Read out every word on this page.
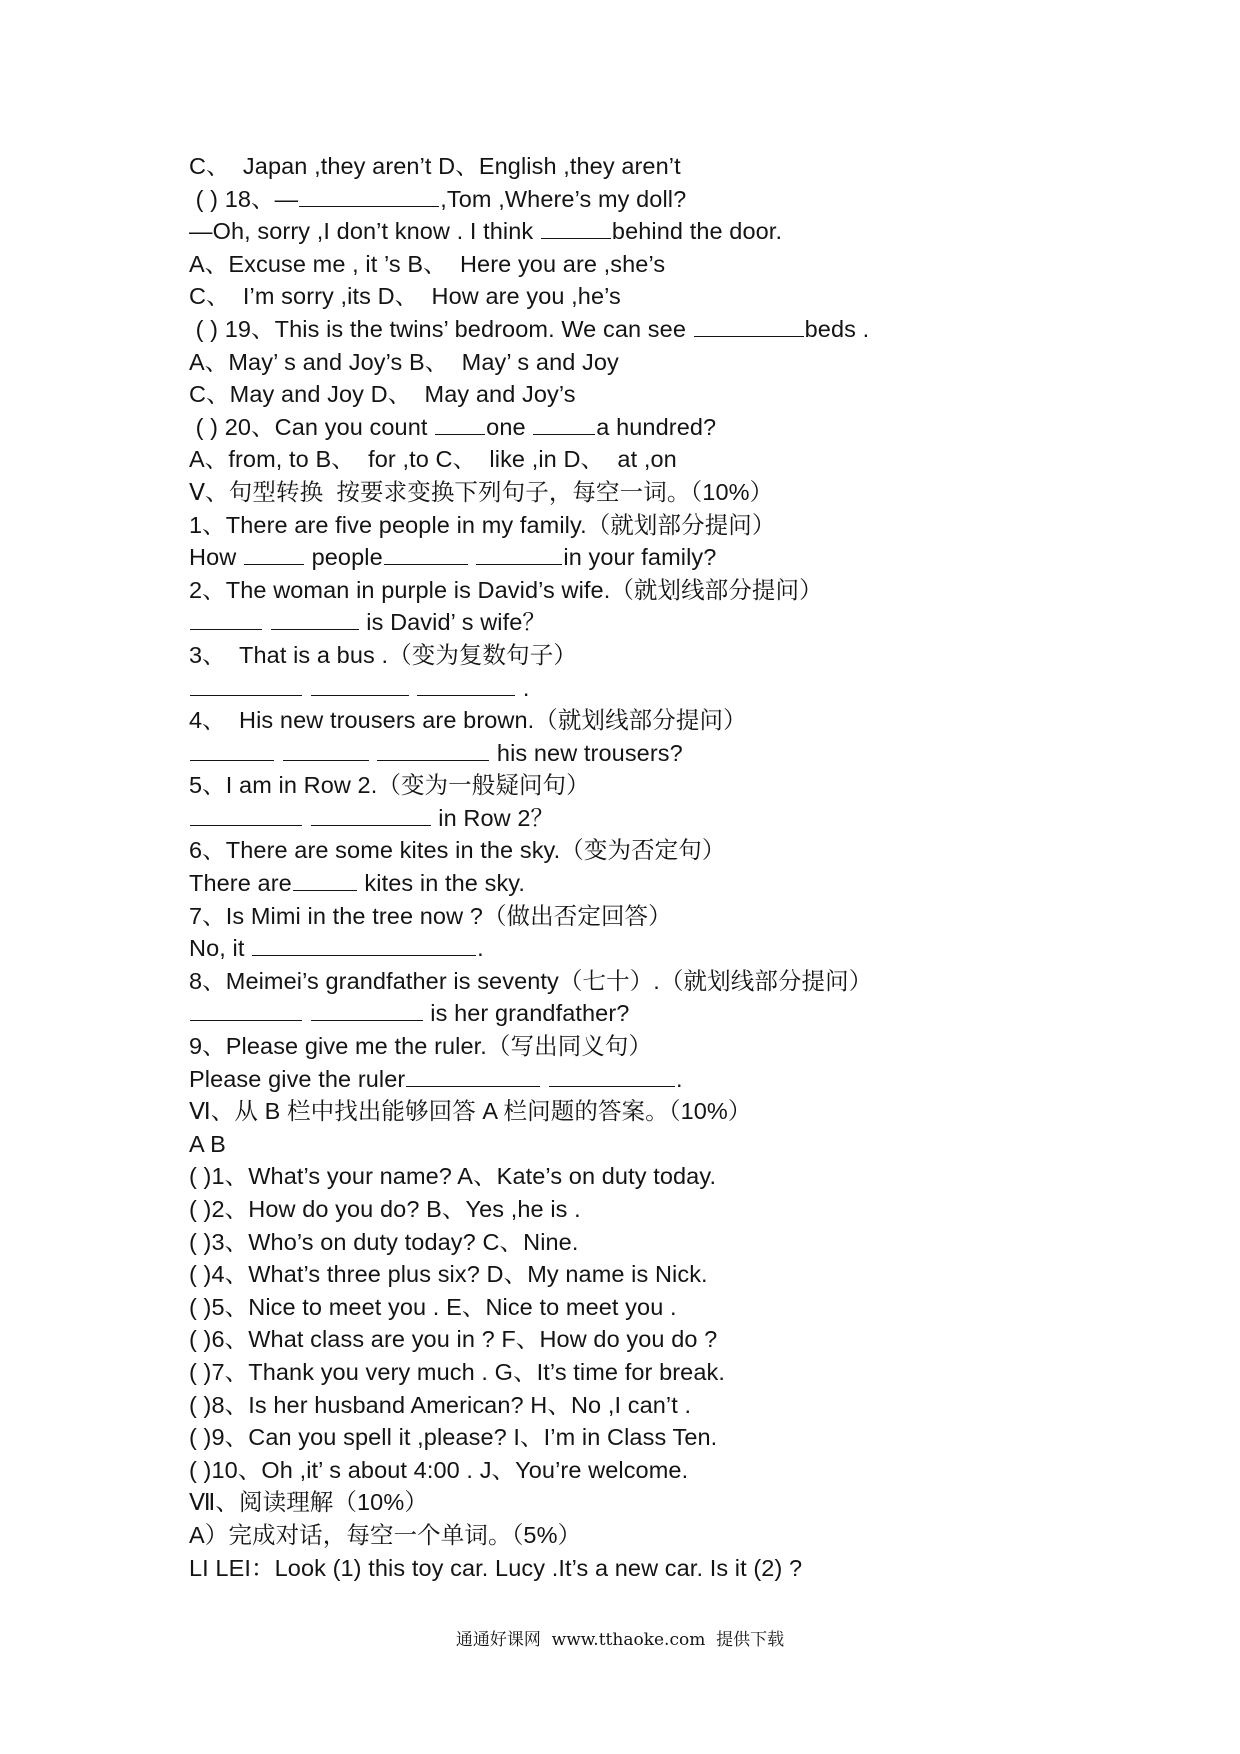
C、  Japan ,they aren’t D、English ,they aren’t
( ) 18、—	,Tom ,Where’s my doll?
—Oh, sorry ,I don’t know . I think	behind the door.
A、Excuse me , it ’s B、  Here you are ,she’s
C、  I’m sorry ,its D、  How are you ,he’s
( ) 19、This is the twins’ bedroom. We can see	beds .
A、May’ s and Joy’s B、  May’ s and Joy
C、May and Joy D、  May and Joy’s
( ) 20、Can you count one	a hundred?
A、from, to B、  for ,to C、  like ,in D、  at ,on
Ⅴ、句型转换  按要求变换下列句子，每空一词。（10%）
1、There are five people in my family.（就划部分提问）
How	people	in your family?
2、The woman in purple is David’s wife.（就划线部分提问）
is David’ s wife？
3、  That is a bus .（变为复数句子）
.
4、  His new trousers are brown.（就划线部分提问）
his new trousers?
5、I am in Row 2.（变为一般疑问句）
in Row 2？
6、There are some kites in the sky.（变为否定句）
There are	kites in the sky.
7、Is Mimi in the tree now ?（做出否定回答）
No, it	.
8、Meimei’s grandfather is seventy（七十）.（就划线部分提问）
is her grandfather?
9、Please give me the ruler.（写出同义句）
Please give the ruler	.
Ⅵ、从 B 栏中找出能够回答 A 栏问题的答案。（10%）
A B
( )1、What’s your name? A、Kate’s on duty today.
( )2、How do you do? B、Yes ,he is .
( )3、Who’s on duty today? C、Nine.
( )4、What’s three plus six? D、My name is Nick.
( )5、Nice to meet you . E、Nice to meet you .
( )6、What class are you in ? F、How do you do ?
( )7、Thank you very much . G、It’s time for break.
( )8、Is her husband American? H、No ,I can’t .
( )9、Can you spell it ,please? I、I’m in Class Ten.
( )10、Oh ,it’ s about 4:00 . J、You’re welcome.
Ⅶ、阅读理解（10%）
A）完成对话，每空一个单词。（5%）
LI LEI：Look (1) this toy car. Lucy .It’s a new car. Is it (2) ?
通通好课网  www.tthaoke.com  提供下载
